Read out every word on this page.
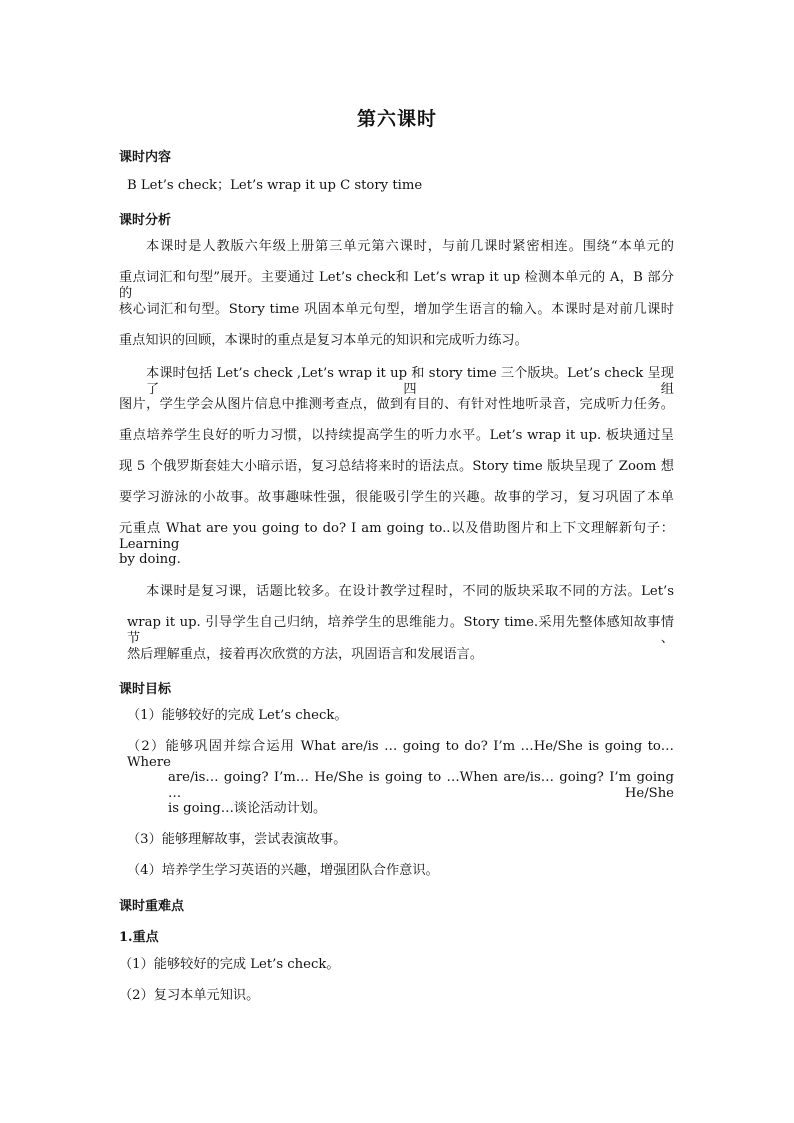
第六课时
课时内容
B Let’s check；Let’s wrap it up C story time
课时分析
本课时是人教版六年级上册第三单元第六课时，与前几课时紧密相连。围绕“本单元的
重点词汇和句型”展开。主要通过 Let’s check和 Let’s wrap it up 检测本单元的 A，B 部分的
核心词汇和句型。Story time 巩固本单元句型，增加学生语言的输入。本课时是对前几课时
重点知识的回顾，本课时的重点是复习本单元的知识和完成听力练习。
本课时包括 Let’s check ,Let’s wrap it up 和 story time 三个版块。Let’s check 呈现了四组
图片，学生学会从图片信息中推测考查点，做到有目的、有针对性地听录音，完成听力任务。
重点培养学生良好的听力习惯，以持续提高学生的听力水平。Let’s wrap it up. 板块通过呈
现 5 个俄罗斯套娃大小暗示语，复习总结将来时的语法点。Story time 版块呈现了 Zoom 想
要学习游泳的小故事。故事趣味性强，很能吸引学生的兴趣。故事的学习，复习巩固了本单
元重点 What are you going to do? I am going to..以及借助图片和上下文理解新句子：Learning
by doing.
本课时是复习课，话题比较多。在设计教学过程时，不同的版块采取不同的方法。Let’s
wrap it up. 引导学生自己归纳，培养学生的思维能力。Story time.采用先整体感知故事情节、
然后理解重点，接着再次欣赏的方法，巩固语言和发展语言。
课时目标
（1）能够较好的完成 Let’s check。
（2）能够巩固并综合运用 What are/is … going to do? I’m …He/She is going to… Where
are/is… going? I’m… He/She is going to …When are/is… going? I’m going … He/She
is going…谈论活动计划。
（3）能够理解故事，尝试表演故事。
（4）培养学生学习英语的兴趣，增强团队合作意识。
课时重难点
1.重点
（1）能够较好的完成 Let’s check。
（2）复习本单元知识。
